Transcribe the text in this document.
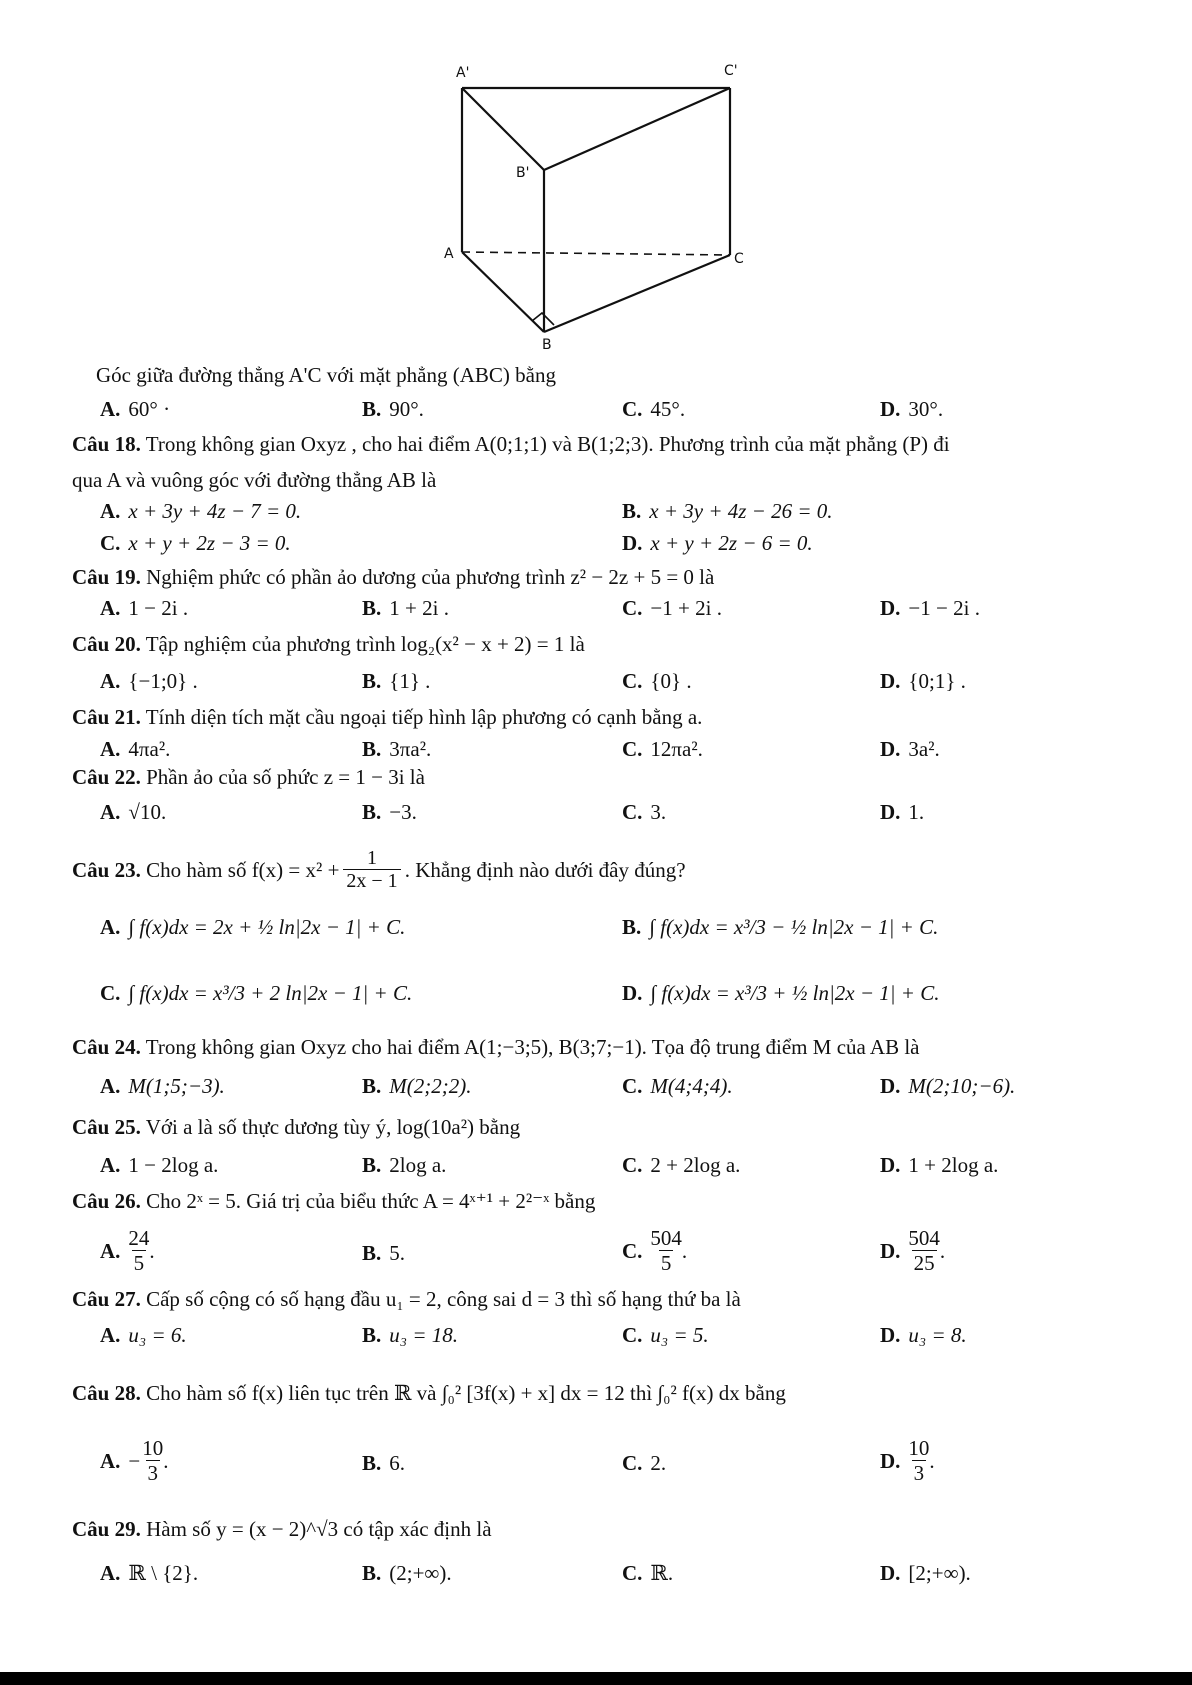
A'	C'
B'
A	C
B
Góc giữa đường thẳng A'C với mặt phẳng (ABC) bằng
A. 60° ·	B. 90°.	C. 45°.	D. 30°.
Câu 18. Trong không gian Oxyz , cho hai điểm A(0;1;1) và B(1;2;3). Phương trình của mặt phẳng (P) đi
qua A và vuông góc với đường thẳng AB là
A. x + 3y + 4z − 7 = 0.	B. x + 3y + 4z − 26 = 0.
C. x + y + 2z − 3 = 0.	D. x + y + 2z − 6 = 0.
Câu 19. Nghiệm phức có phần ảo dương của phương trình z² − 2z + 5 = 0 là
A. 1 − 2i .	B. 1 + 2i .	C. −1 + 2i .	D. −1 − 2i .
Câu 20. Tập nghiệm của phương trình log₂(x² − x + 2) = 1 là
A. {−1;0} .	B. {1} .	C. {0} .	D. {0;1} .
Câu 21. Tính diện tích mặt cầu ngoại tiếp hình lập phương có cạnh bằng a.
A. 4πa².	B. 3πa².	C. 12πa².	D. 3a².
Câu 22. Phần ảo của số phức z = 1 − 3i là
A. √10.	B. −3.	C. 3.	D. 1.
Câu 23.
Cho hàm số $f(x) = x^2 + \frac{1}{2x - 1}$ . Khẳng định nào dưới đây đúng?
A. ∫ f(x)dx = 2x + ½ ln|2x − 1| + C.	B. ∫ f(x)dx = x³/3 − ½ ln|2x − 1| + C.
C. ∫ f(x)dx = x³/3 + 2 ln|2x − 1| + C.	D. ∫ f(x)dx = x³/3 + ½ ln|2x − 1| + C.
Câu 24. Trong không gian Oxyz cho hai điểm A(1;−3;5), B(3;7;−1). Tọa độ trung điểm M của AB là
A. M(1;5;−3).	B. M(2;2;2).	C. M(4;4;4).	D. M(2;10;−6).
Câu 25. Với a là số thực dương tùy ý, log(10a²) bằng
A. 1 − 2log a.	B. 2log a.	C. 2 + 2log a.	D. 1 + 2log a.
Câu 26. Cho 2ˣ = 5. Giá trị của biểu thức A = 4ˣ⁺¹ + 2²⁻ˣ bằng
A.
24
5
.	B. 5.	C.
504
5
.	D.
504
25
.
Câu 27. Cấp số cộng có số hạng đầu u₁ = 2, công sai d = 3 thì số hạng thứ ba là
A. u₃ = 6.	B. u₃ = 18.	C. u₃ = 5.	D. u₃ = 8.
Câu 28. Cho hàm số f(x) liên tục trên ℝ và ∫₀² [3f(x) + x] dx = 12 thì ∫₀² f(x) dx bằng
A. − $\frac{10}{3}$ .	B. 6.	C. 2.	D.
10
3
.
Câu 29. Hàm số y = (x − 2)^√3 có tập xác định là
A. ℝ \ {2}.	B. (2;+∞).	C. ℝ.	D. [2;+∞).
